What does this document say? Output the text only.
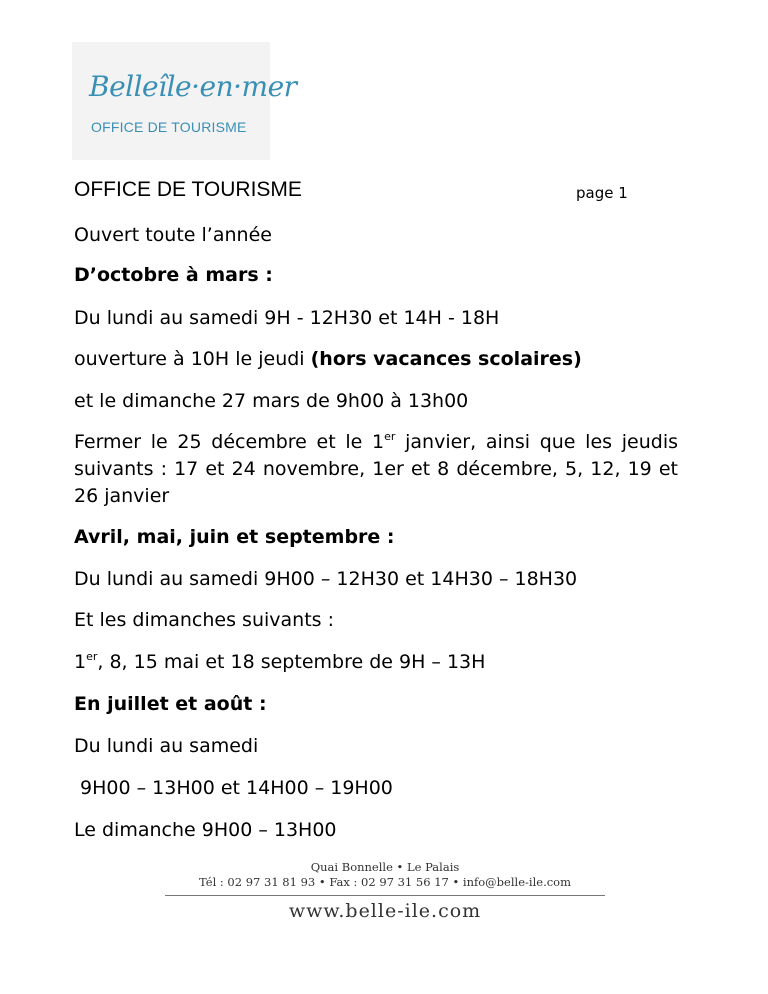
Belleîle·en·mer
OFFICE DE TOURISME
OFFICE DE TOURISME	page 1
Ouvert toute l’année
D’octobre à mars :
Du lundi au samedi 9H - 12H30 et 14H - 18H
ouverture à 10H le jeudi (hors vacances scolaires)
et le dimanche 27 mars de 9h00 à 13h00
Fermer le 25 décembre et le 1er janvier, ainsi que les jeudis suivants : 17 et 24 novembre, 1er et 8 décembre, 5, 12, 19 et 26 janvier
Avril, mai, juin et septembre :
Du lundi au samedi 9H00 – 12H30 et 14H30 – 18H30
Et les dimanches suivants :
1er, 8, 15 mai et 18 septembre de 9H – 13H
En juillet et août :
Du lundi au samedi
9H00 – 13H00 et 14H00 – 19H00
Le dimanche 9H00 – 13H00
Quai Bonnelle • Le Palais
Tél : 02 97 31 81 93 • Fax : 02 97 31 56 17 • info@belle-ile.com
www.belle-ile.com
